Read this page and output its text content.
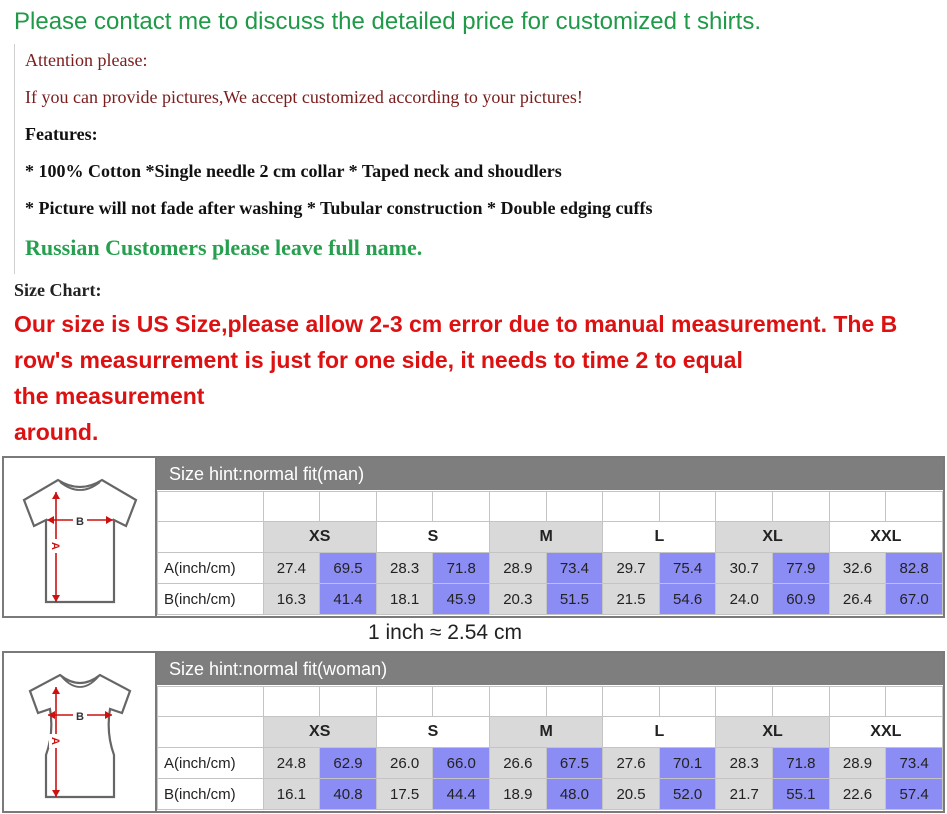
Please contact me to discuss the detailed price for customized t shirts.
Attention please:
If you can provide pictures,We accept customized according to your pictures!
Features:
* 100% Cotton *Single needle 2 cm collar * Taped neck and shoudlers
* Picture will not fade after washing * Tubular construction * Double edging cuffs
Russian Customers please leave full name.
Size Chart:
Our size is US Size,please allow 2-3 cm error due to manual measurement. The B
row's measurrement is just for one side, it needs to time 2 to equal
the measurement
around.
B
A
Size hint:normal fit(man)

	XS		S		M		L		XL		XXL	
A(inch/cm)	27.4	69.5	28.3	71.8	28.9	73.4	29.7	75.4	30.7	77.9	32.6	82.8
B(inch/cm)	16.3	41.4	18.1	45.9	20.3	51.5	21.5	54.6	24.0	60.9	26.4	67.0
1 inch ≈ 2.54 cm
B
A
Size hint:normal fit(woman)

	XS		S		M		L		XL		XXL	
A(inch/cm)	24.8	62.9	26.0	66.0	26.6	67.5	27.6	70.1	28.3	71.8	28.9	73.4
B(inch/cm)	16.1	40.8	17.5	44.4	18.9	48.0	20.5	52.0	21.7	55.1	22.6	57.4
